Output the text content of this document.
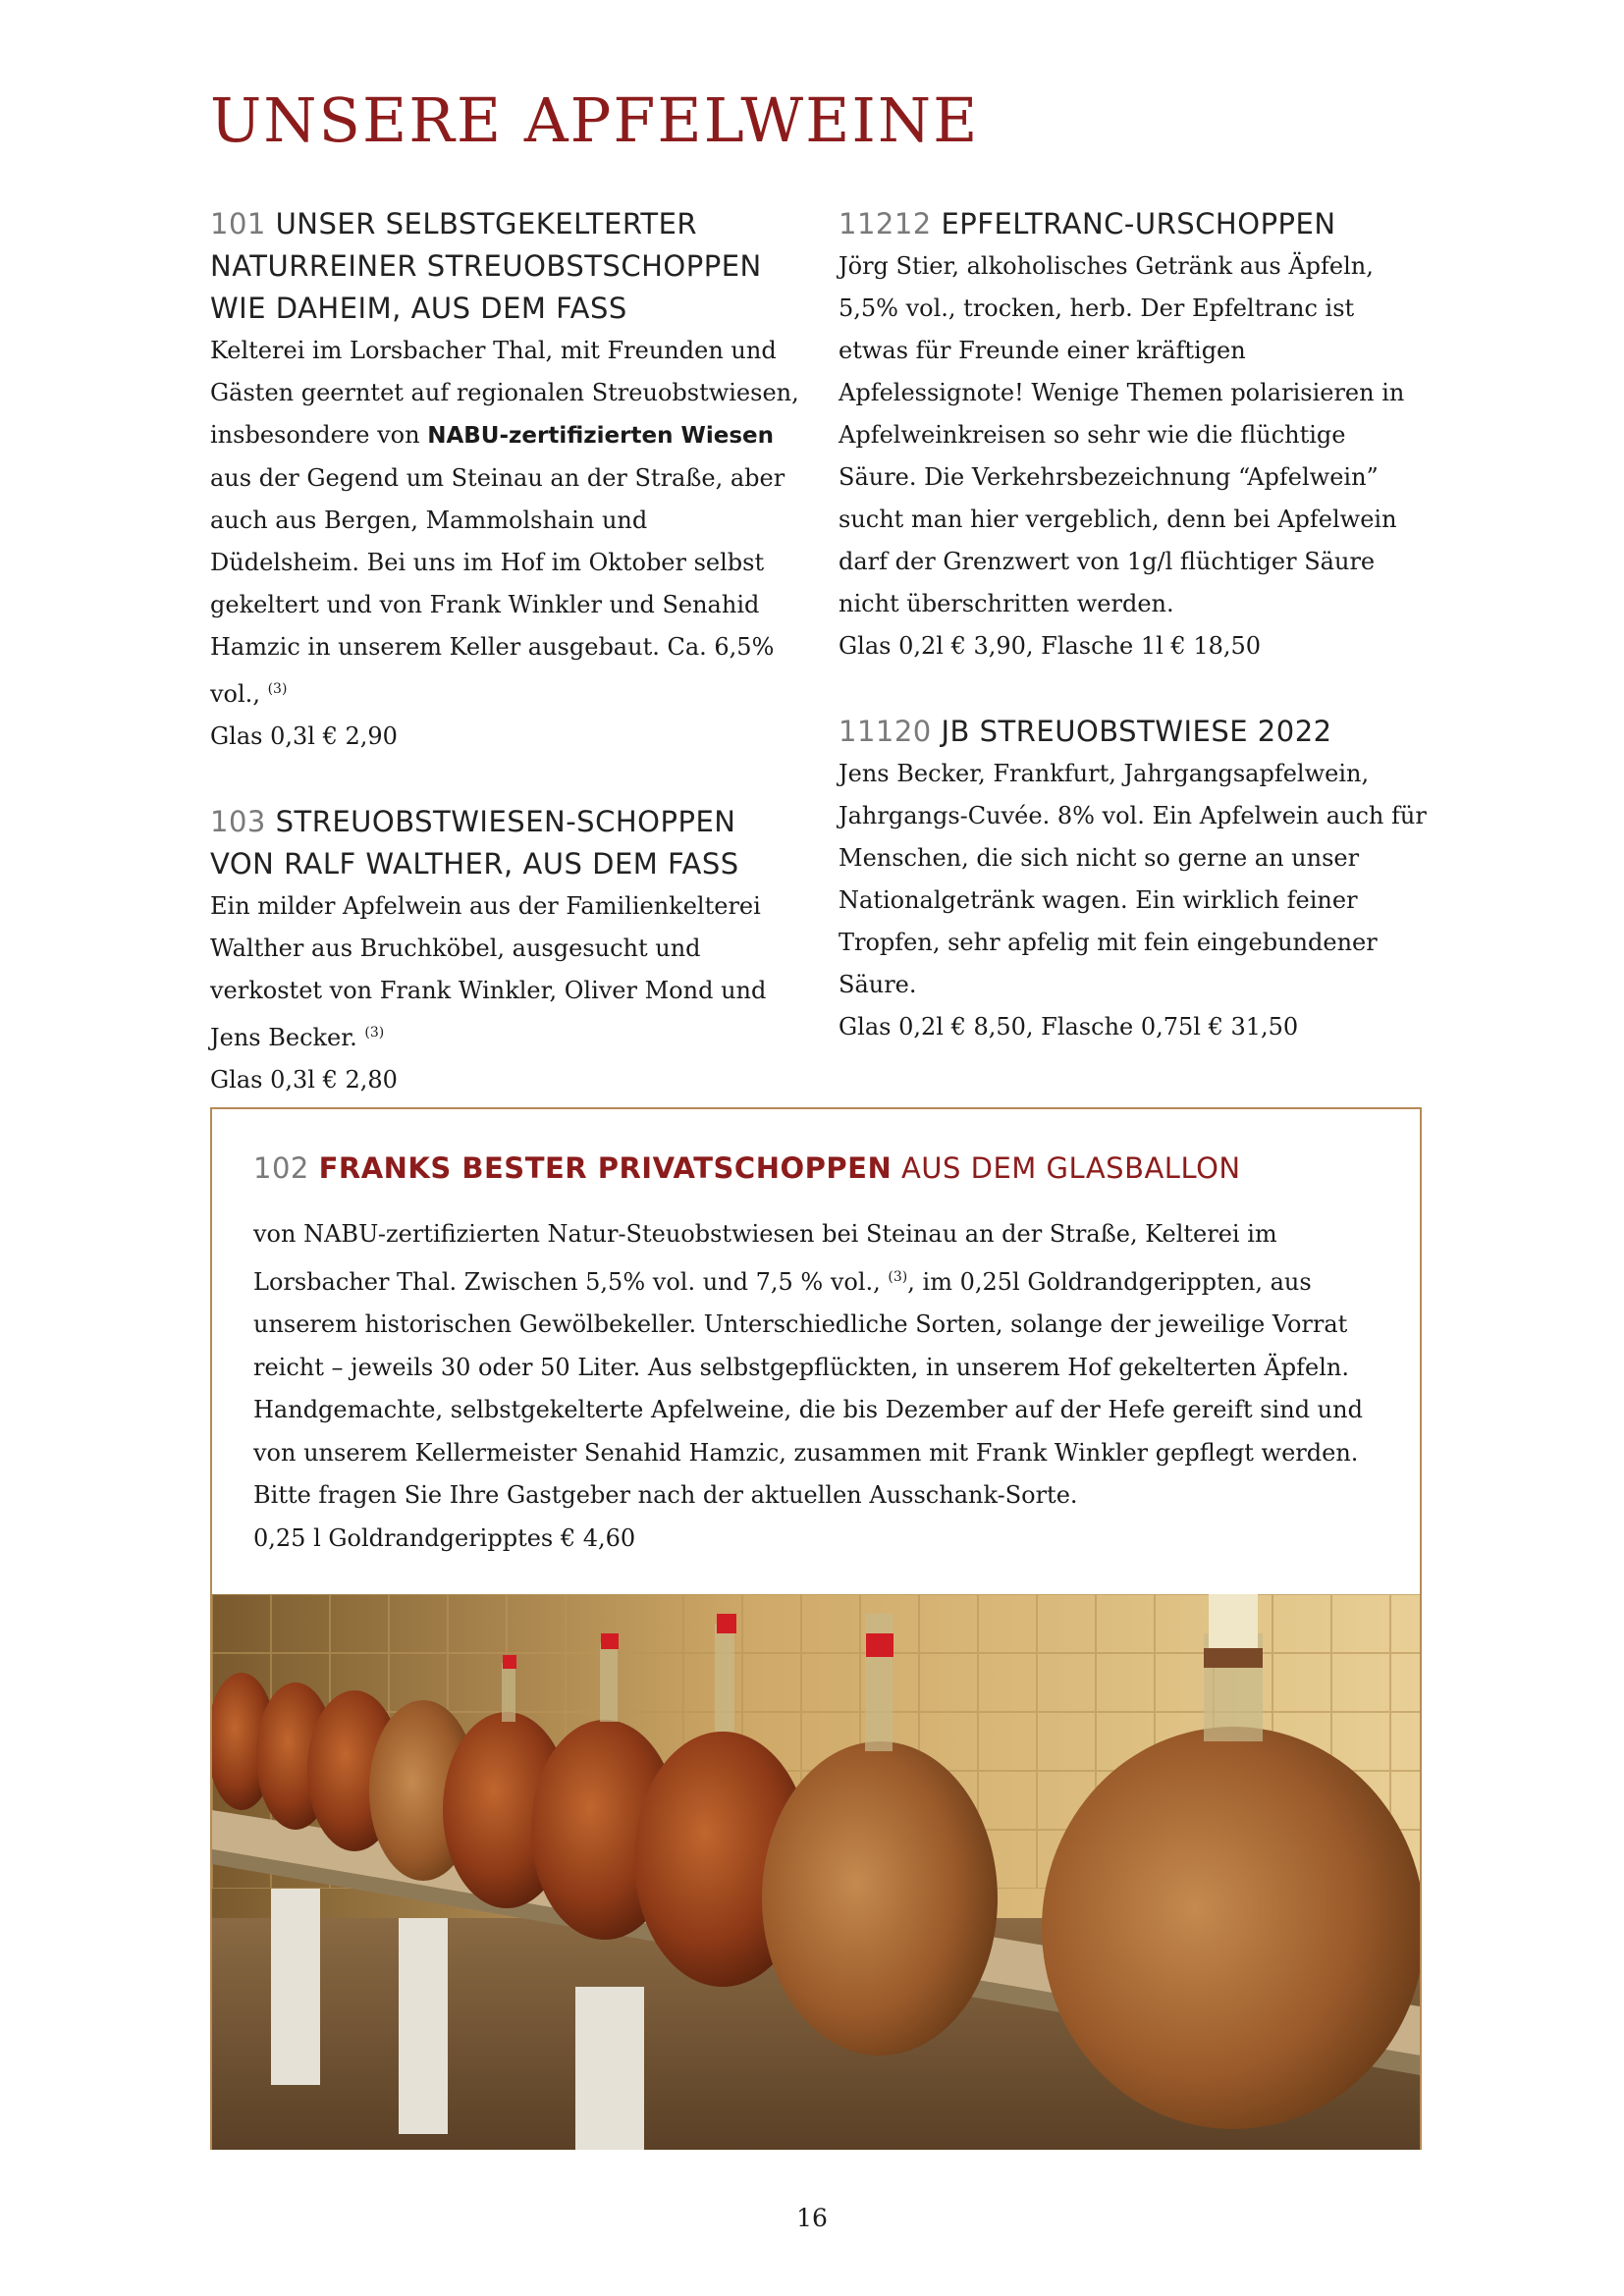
UNSERE APFELWEINE

101 UNSER SELBSTGEKELTERTER NATURREINER STREUOBSTSCHOPPEN WIE DAHEIM, AUS DEM FASS

Kelterei im Lorsbacher Thal, mit Freunden und Gästen geerntet auf regionalen Streuobstwiesen, insbesondere von NABU-zertifizierten Wiesen aus der Gegend um Steinau an der Straße, aber auch aus Bergen, Mammolshain und Düdelsheim. Bei uns im Hof im Oktober selbst gekeltert und von Frank Winkler und Senahid Hamzic in unserem Keller ausgebaut. Ca. 6,5% vol., $^{(3)}$

Glas 0,3l € 2,90

103 STREUOBSTWIESEN-SCHOPPEN VON RALF WALTHER, AUS DEM FASS

Ein milder Apfelwein aus der Familienkelterei Walther aus Bruchköbel, ausgesucht und verkostet von Frank Winkler, Oliver Mond und Jens Becker. $^{(3)}$

Glas 0,3l € 2,80

11212 EPFELTRANC-URSCHOPPEN

Jörg Stier, alkoholisches Getränk aus Äpfeln, 5,5% vol., trocken, herb. Der Epfeltranc ist etwas für Freunde einer kräftigen Apfelessignote! Wenige Themen polarisieren in Apfelweinkreisen so sehr wie die flüchtige Säure. Die Verkehrsbezeichnung “Apfelwein” sucht man hier vergeblich, denn bei Apfelwein darf der Grenzwert von 1g/l flüchtiger Säure nicht überschritten werden.

Glas 0,2l € 3,90, Flasche 1l € 18,50

11120 JB STREUOBSTWIESE 2022

Jens Becker, Frankfurt, Jahrgangsapfelwein, Jahrgangs-Cuvée. 8% vol. Ein Apfelwein auch für Menschen, die sich nicht so gerne an unser Nationalgetränk wagen. Ein wirklich feiner Tropfen, sehr apfelig mit fein eingebundener Säure.

Glas 0,2l € 8,50, Flasche 0,75l € 31,50

102 FRANKS BESTER PRIVATSCHOPPEN AUS DEM GLASBALLON

von NABU-zertifizierten Natur-Steuobstwiesen bei Steinau an der Straße, Kelterei im Lorsbacher Thal. Zwischen 5,5% vol. und 7,5 % vol., $^{(3)}$, im 0,25l Goldrandgerippten, aus unserem historischen Gewölbekeller. Unterschiedliche Sorten, solange der jeweilige Vorrat reicht – jeweils 30 oder 50 Liter. Aus selbstgepflückten, in unserem Hof gekelterten Äpfeln. Handgemachte, selbstgekelterte Apfelweine, die bis Dezember auf der Hefe gereift sind und von unserem Kellermeister Senahid Hamzic, zusammen mit Frank Winkler gepflegt werden.
Bitte fragen Sie Ihre Gastgeber nach der aktuellen Ausschank-Sorte.
0,25 l Goldrandgeripptes € 4,60

16
